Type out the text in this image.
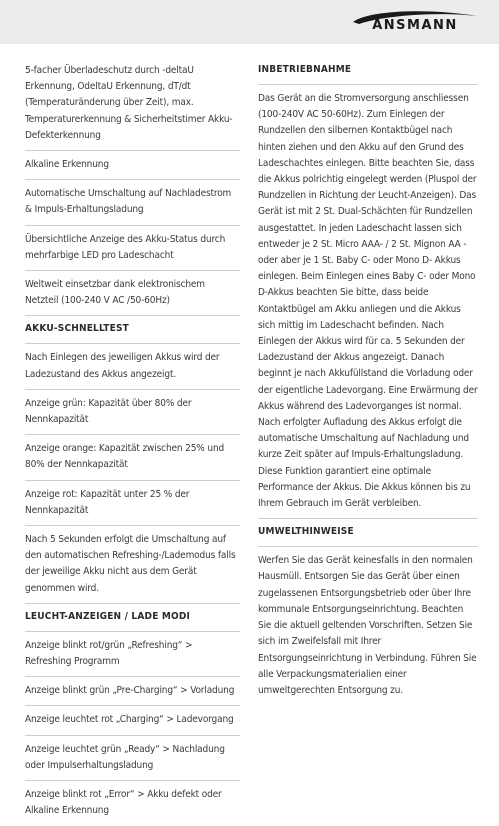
ANSMANN

5-facher Überladeschutz durch -deltaU Erkennung, OdeltaU Erkennung, dT/dt (Temperaturänderung über Zeit), max. Temperaturerkennung & Sicherheitstimer Akku-Defekterkennung

Alkaline Erkennung

Automatische Umschaltung auf Nachladestrom & Impuls-Erhaltungsladung

Übersichtliche Anzeige des Akku-Status durch mehrfarbige LED pro Ladeschacht

Weltweit einsetzbar dank elektronischem Netzteil (100-240 V AC /50-60Hz)

AKKU-SCHNELLTEST

Nach Einlegen des jeweiligen Akkus wird der Ladezustand des Akkus angezeigt.

Anzeige grün: Kapazität über 80% der Nennkapazität

Anzeige orange: Kapazität zwischen 25% und 80% der Nennkapazität

Anzeige rot: Kapazität unter 25 % der Nennkapazität

Nach 5 Sekunden erfolgt die Umschaltung auf den automatischen Refreshing-/Lademodus falls der jeweilige Akku nicht aus dem Gerät genommen wird.

LEUCHT-ANZEIGEN / LADE MODI

Anzeige blinkt rot/grün „Refreshing“ > Refreshing Programm

Anzeige blinkt grün „Pre-Charging“ > Vorladung

Anzeige leuchtet rot „Charging“ > Ladevorgang

Anzeige leuchtet grün „Ready“ > Nachladung oder Impulserhaltungsladung

Anzeige blinkt rot „Error“ > Akku defekt oder Alkaline Erkennung

INBETRIEBNAHME

Das Gerät an die Stromversorgung anschliessen (100-240V AC 50-60Hz). Zum Einlegen der Rundzellen den silbernen Kontaktbügel nach hinten ziehen und den Akku auf den Grund des Ladeschachtes einlegen. Bitte beachten Sie, dass die Akkus polrichtig eingelegt werden (Pluspol der Rundzellen in Richtung der Leucht-Anzeigen). Das Gerät ist mit 2 St. Dual-Schächten für Rundzellen ausgestattet. In jeden Ladeschacht lassen sich entweder je 2 St. Micro AAA- / 2 St. Mignon AA - oder aber je 1 St. Baby C- oder Mono D- Akkus einlegen. Beim Einlegen eines Baby C- oder Mono D-Akkus beachten Sie bitte, dass beide Kontaktbügel am Akku anliegen und die Akkus sich mittig im Ladeschacht befinden. Nach Einlegen der Akkus wird für ca. 5 Sekunden der Ladezustand der Akkus angezeigt. Danach beginnt je nach Akkufüllstand die Vorladung oder der eigentliche Ladevorgang. Eine Erwärmung der Akkus während des Ladevorganges ist normal. Nach erfolgter Aufladung des Akkus erfolgt die automatische Umschaltung auf Nachladung und kurze Zeit später auf Impuls-Erhaltungsladung. Diese Funktion garantiert eine optimale Performance der Akkus. Die Akkus können bis zu Ihrem Gebrauch im Gerät verbleiben.

UMWELTHINWEISE

Werfen Sie das Gerät keinesfalls in den normalen Hausmüll. Entsorgen Sie das Gerät über einen zugelassenen Entsorgungsbetrieb oder über Ihre kommunale Entsorgungseinrichtung. Beachten Sie die aktuell geltenden Vorschriften. Setzen Sie sich im Zweifelsfall mit Ihrer Entsorgungseinrichtung in Verbindung. Führen Sie alle Verpackungsmaterialien einer umweltgerechten Entsorgung zu.
